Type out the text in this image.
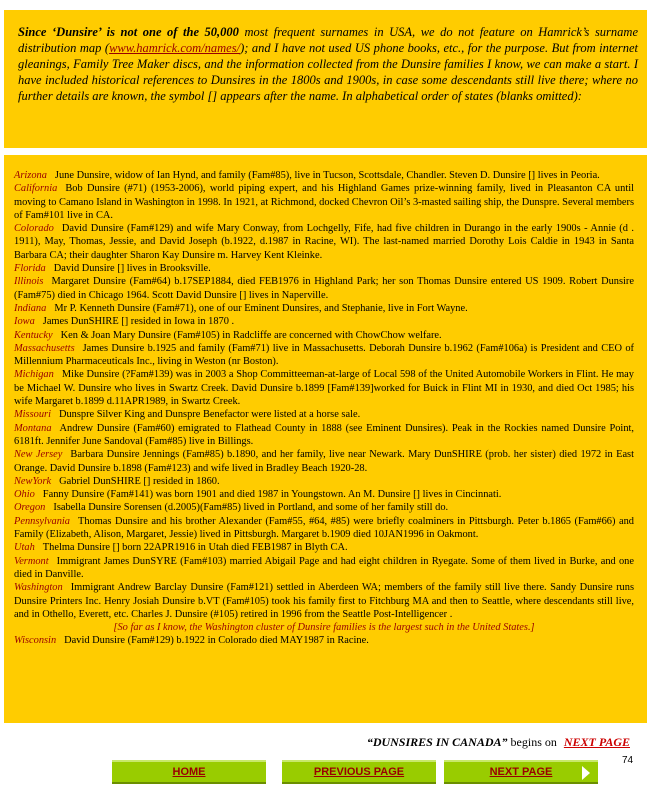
Since ‘Dunsire’ is not one of the 50,000 most frequent surnames in USA, we do not feature on Hamrick’s surname distribution map (www.hamrick.com/names/); and I have not used US phone books, etc., for the purpose. But from internet gleanings, Family Tree Maker discs, and the information collected from the Dunsire families I know, we can make a start. I have included historical references to Dunsires in the 1800s and 1900s, in case some descendants still live there; where no further details are known, the symbol [] appears after the name. In alphabetical order of states (blanks omitted):
Arizona June Dunsire, widow of Ian Hynd, and family (Fam#85), live in Tucson, Scottsdale, Chandler. Steven D. Dunsire [] lives in Peoria.
California Bob Dunsire (#71) (1953-2006), world piping expert, and his Highland Games prize-winning family, lived in Pleasanton CA until moving to Camano Island in Washington in 1998. In 1921, at Richmond, docked Chevron Oil’s 3-masted sailing ship, the Dunspre. Several members of Fam#101 live in CA.
Colorado David Dunsire (Fam#129) and wife Mary Conway, from Lochgelly, Fife, had five children in Durango in the early 1900s - Annie (d . 1911), May, Thomas, Jessie, and David Joseph (b.1922, d.1987 in Racine, WI). The last-named married Dorothy Lois Caldie in 1943 in Santa Barbara CA; their daughter Sharon Kay Dunsire m. Harvey Kent Kleinke.
Florida David Dunsire [] lives in Brooksville.
Illinois Margaret Dunsire (Fam#64) b.17SEP1884, died FEB1976 in Highland Park; her son Thomas Dunsire entered US 1909. Robert Dunsire (Fam#75) died in Chicago 1964. Scott David Dunsire [] lives in Naperville.
Indiana Mr P. Kenneth Dunsire (Fam#71), one of our Eminent Dunsires, and Stephanie, live in Fort Wayne.
Iowa James DunSHIRE [] resided in Iowa in 1870 .
Kentucky Ken & Joan Mary Dunsire (Fam#105) in Radcliffe are concerned with ChowChow welfare.
Massachusetts James Dunsire b.1925 and family (Fam#71) live in Massachusetts. Deborah Dunsire b.1962 (Fam#106a) is President and CEO of Millennium Pharmaceuticals Inc., living in Weston (nr Boston).
Michigan Mike Dunsire (?Fam#139) was in 2003 a Shop Committeeman-at-large of Local 598 of the United Automobile Workers in Flint. He may be Michael W. Dunsire who lives in Swartz Creek. David Dunsire b.1899 [Fam#139]worked for Buick in Flint MI in 1930, and died Oct 1985; his wife Margaret b.1899 d.11APR1989, in Swartz Creek.
Missouri Dunspre Silver King and Dunspre Benefactor were listed at a horse sale.
Montana Andrew Dunsire (Fam#60) emigrated to Flathead County in 1888 (see Eminent Dunsires). Peak in the Rockies named Dunsire Point, 6181ft. Jennifer June Sandoval (Fam#85) live in Billings.
New Jersey Barbara Dunsire Jennings (Fam#85) b.1890, and her family, live near Newark. Mary DunSHIRE (prob. her sister) died 1972 in East Orange. David Dunsire b.1898 (Fam#123) and wife lived in Bradley Beach 1920-28.
NewYork Gabriel DunSHIRE [] resided in 1860.
Ohio Fanny Dunsire (Fam#141) was born 1901 and died 1987 in Youngstown. An M. Dunsire [] lives in Cincinnati.
Oregon Isabella Dunsire Sorensen (d.2005)(Fam#85) lived in Portland, and some of her family still do.
Pennsylvania Thomas Dunsire and his brother Alexander (Fam#55, #64, #85) were briefly coalminers in Pittsburgh. Peter b.1865 (Fam#66) and Family (Elizabeth, Alison, Margaret, Jessie) lived in Pittsburgh. Margaret b.1909 died 10JAN1996 in Oakmont.
Utah Thelma Dunsire [] born 22APR1916 in Utah died FEB1987 in Blyth CA.
Vermont Immigrant James DunSYRE (Fam#103) married Abigail Page and had eight children in Ryegate. Some of them lived in Burke, and one died in Danville.
Washington Immigrant Andrew Barclay Dunsire (Fam#121) settled in Aberdeen WA; members of the family still live there. Sandy Dunsire runs Dunsire Printers Inc. Henry Josiah Dunsire b.VT (Fam#105) took his family first to Fitchburg MA and then to Seattle, where descendants still live, and in Othello, Everett, etc. Charles J. Dunsire (#105) retired in 1996 from the Seattle Post-Intelligencer .
[So far as I know, the Washington cluster of Dunsire families is the largest such in the United States.]
Wisconsin David Dunsire (Fam#129) b.1922 in Colorado died MAY1987 in Racine.
“DUNSIRES IN CANADA” begins on NEXT PAGE
74
HOME	PREVIOUS PAGE	NEXT PAGE
